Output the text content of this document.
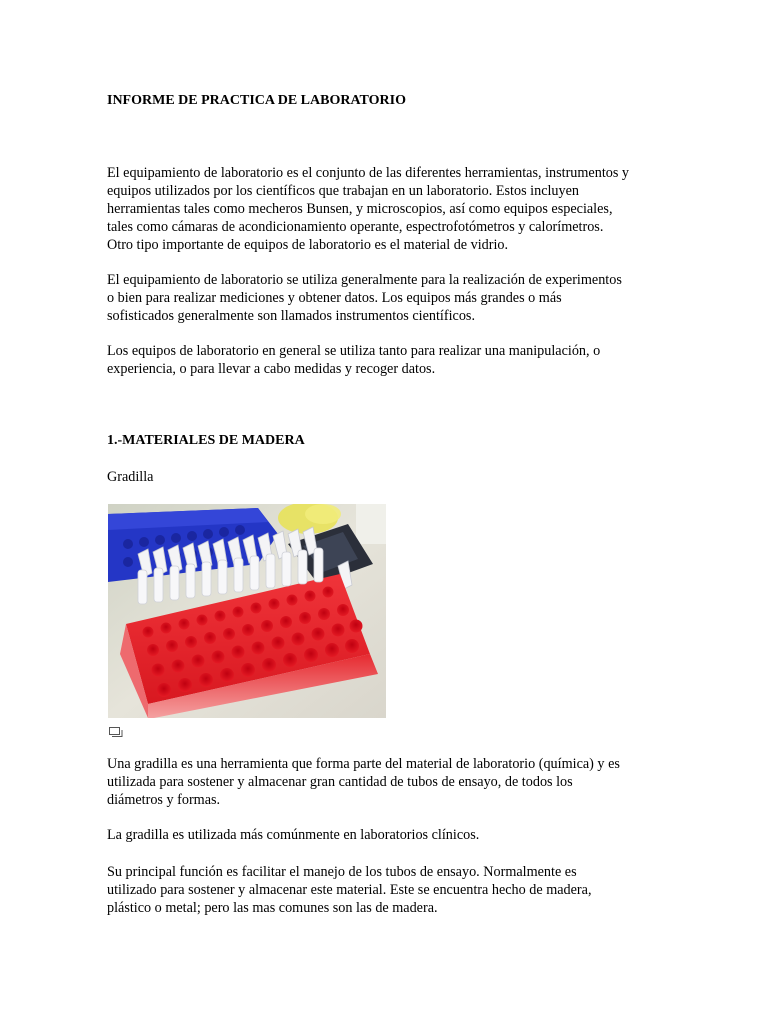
INFORME DE PRACTICA DE LABORATORIO

El equipamiento de laboratorio es el conjunto de las diferentes herramientas, instrumentos y
equipos utilizados por los científicos que trabajan en un laboratorio. Estos incluyen
herramientas tales como mecheros Bunsen, y microscopios, así como equipos especiales,
tales como cámaras de acondicionamiento operante, espectrofotómetros y calorímetros.
Otro tipo importante de equipos de laboratorio es el material de vidrio.

El equipamiento de laboratorio se utiliza generalmente para la realización de experimentos
o bien para realizar mediciones y obtener datos. Los equipos más grandes o más
sofisticados generalmente son llamados instrumentos científicos.

Los equipos de laboratorio en general se utiliza tanto para realizar una manipulación, o
experiencia, o para llevar a cabo medidas y recoger datos.

1.-MATERIALES DE MADERA
Gradilla

Una gradilla es una herramienta que forma parte del material de laboratorio (química) y es
utilizada para sostener y almacenar gran cantidad de tubos de ensayo, de todos los
diámetros y formas.

La gradilla es utilizada más comúnmente en laboratorios clínicos.

Su principal función es facilitar el manejo de los tubos de ensayo. Normalmente es
utilizado para sostener y almacenar este material. Este se encuentra hecho de madera,
plástico o metal; pero las mas comunes son las de madera.
